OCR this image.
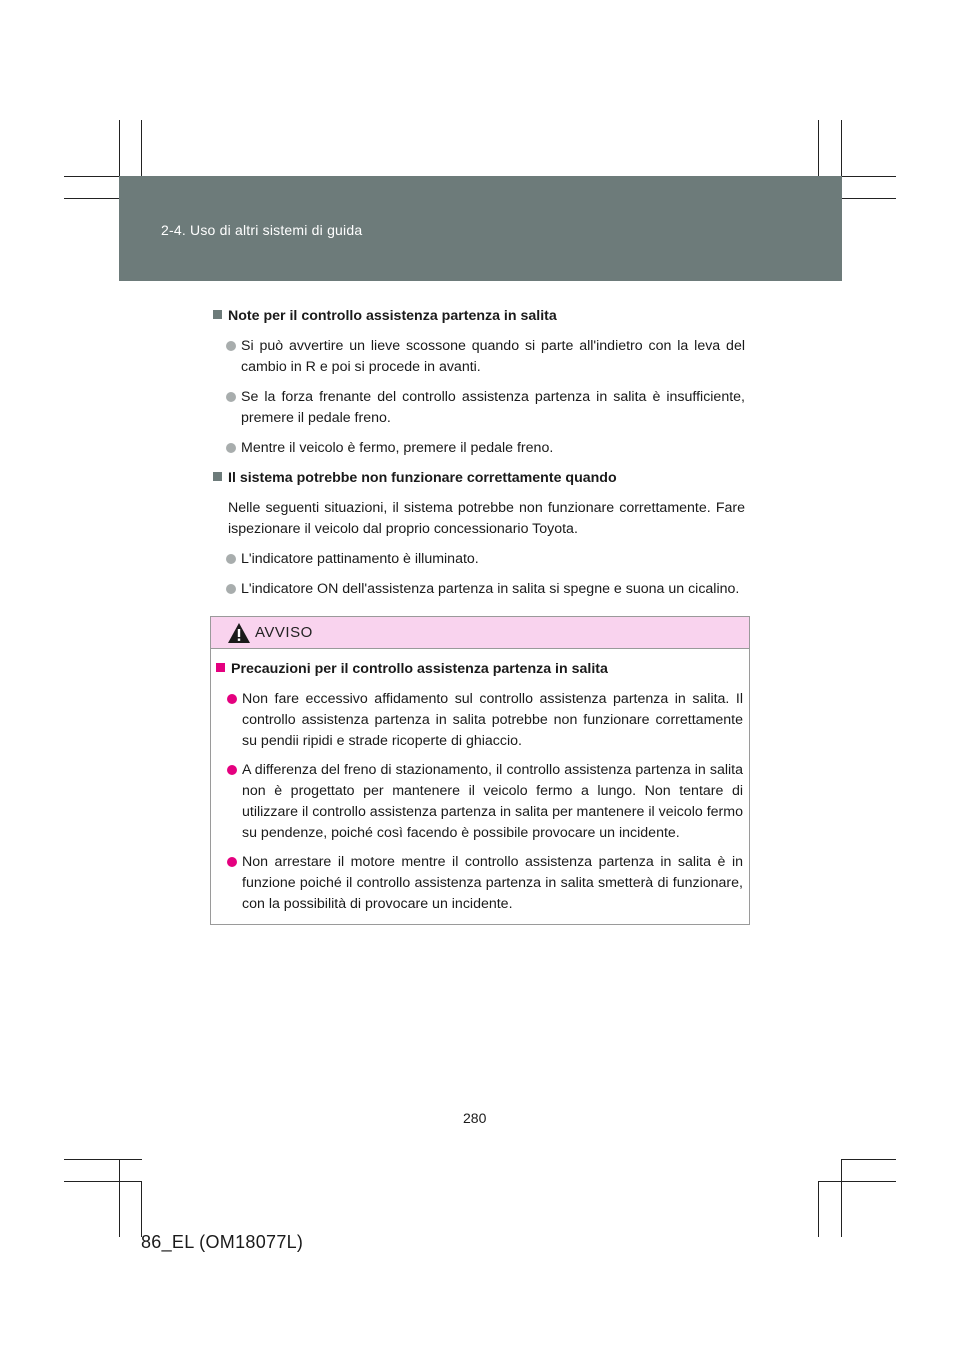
2-4. Uso di altri sistemi di guida
Note per il controllo assistenza partenza in salita
Si può avvertire un lieve scossone quando si parte all'indietro con la leva del cambio in R e poi si procede in avanti.
Se la forza frenante del controllo assistenza partenza in salita è insufficiente, premere il pedale freno.
Mentre il veicolo è fermo, premere il pedale freno.
Il sistema potrebbe non funzionare correttamente quando
Nelle seguenti situazioni, il sistema potrebbe non funzionare correttamente. Fare ispezionare il veicolo dal proprio concessionario Toyota.
L'indicatore pattinamento è illuminato.
L'indicatore ON dell'assistenza partenza in salita si spegne e suona un cicalino.
AVVISO
Precauzioni per il controllo assistenza partenza in salita
Non fare eccessivo affidamento sul controllo assistenza partenza in salita. Il controllo assistenza partenza in salita potrebbe non funzionare correttamente su pendii ripidi e strade ricoperte di ghiaccio.
A differenza del freno di stazionamento, il controllo assistenza partenza in salita non è progettato per mantenere il veicolo fermo a lungo. Non tentare di utilizzare il controllo assistenza partenza in salita per mantenere il veicolo fermo su pendenze, poiché così facendo è possibile provocare un incidente.
Non arrestare il motore mentre il controllo assistenza partenza in salita è in funzione poiché il controllo assistenza partenza in salita smetterà di funzionare, con la possibilità di provocare un incidente.
280
86_EL (OM18077L)
